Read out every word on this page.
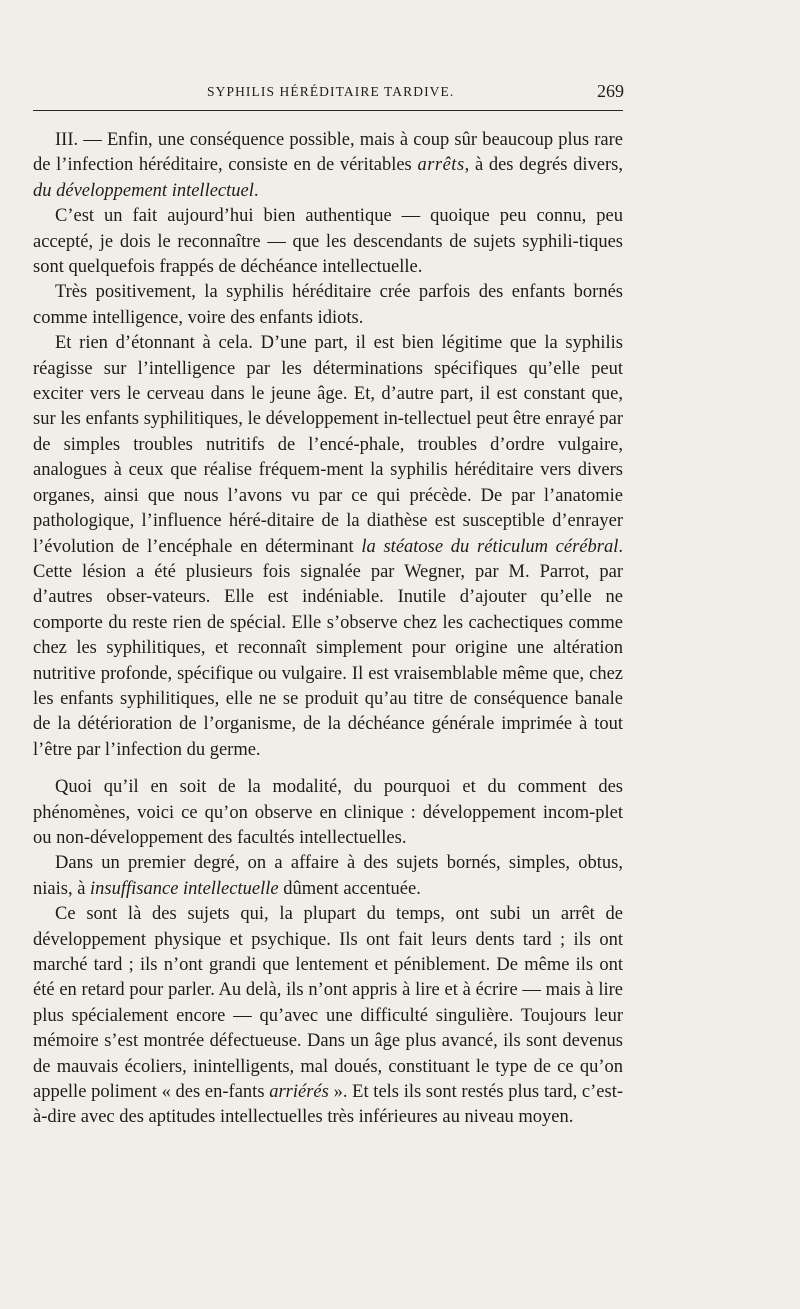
SYPHILIS HÉRÉDITAIRE TARDIVE.	269

III. — Enfin, une conséquence possible, mais à coup sûr beaucoup plus rare de l’infection héréditaire, consiste en de véritables arrêts, à des degrés divers, du développement intellectuel.

C’est un fait aujourd’hui bien authentique — quoique peu connu, peu accepté, je dois le reconnaître — que les descendants de sujets syphili-tiques sont quelquefois frappés de déchéance intellectuelle.

Très positivement, la syphilis héréditaire crée parfois des enfants bornés comme intelligence, voire des enfants idiots.

Et rien d’étonnant à cela. D’une part, il est bien légitime que la syphilis réagisse sur l’intelligence par les déterminations spécifiques qu’elle peut exciter vers le cerveau dans le jeune âge. Et, d’autre part, il est constant que, sur les enfants syphilitiques, le développement in-tellectuel peut être enrayé par de simples troubles nutritifs de l’encé-phale, troubles d’ordre vulgaire, analogues à ceux que réalise fréquem-ment la syphilis héréditaire vers divers organes, ainsi que nous l’avons vu par ce qui précède. De par l’anatomie pathologique, l’influence héré-ditaire de la diathèse est susceptible d’enrayer l’évolution de l’encéphale en déterminant la stéatose du réticulum cérébral. Cette lésion a été plusieurs fois signalée par Wegner, par M. Parrot, par d’autres obser-vateurs. Elle est indéniable. Inutile d’ajouter qu’elle ne comporte du reste rien de spécial. Elle s’observe chez les cachectiques comme chez les syphilitiques, et reconnaît simplement pour origine une altération nutritive profonde, spécifique ou vulgaire. Il est vraisemblable même que, chez les enfants syphilitiques, elle ne se produit qu’au titre de conséquence banale de la détérioration de l’organisme, de la déchéance générale imprimée à tout l’être par l’infection du germe.

Quoi qu’il en soit de la modalité, du pourquoi et du comment des phénomènes, voici ce qu’on observe en clinique : développement incom-plet ou non-développement des facultés intellectuelles.

Dans un premier degré, on a affaire à des sujets bornés, simples, obtus, niais, à insuffisance intellectuelle dûment accentuée.

Ce sont là des sujets qui, la plupart du temps, ont subi un arrêt de développement physique et psychique. Ils ont fait leurs dents tard ; ils ont marché tard ; ils n’ont grandi que lentement et péniblement. De même ils ont été en retard pour parler. Au delà, ils n’ont appris à lire et à écrire — mais à lire plus spécialement encore — qu’avec une difficulté singulière. Toujours leur mémoire s’est montrée défectueuse. Dans un âge plus avancé, ils sont devenus de mauvais écoliers, inintelligents, mal doués, constituant le type de ce qu’on appelle poliment « des en-fants arriérés ». Et tels ils sont restés plus tard, c’est-à-dire avec des aptitudes intellectuelles très inférieures au niveau moyen.
